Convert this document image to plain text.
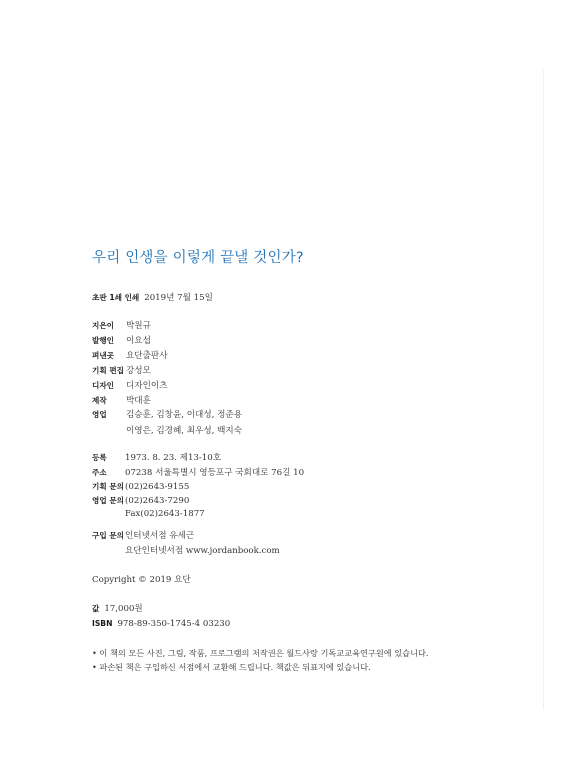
우리 인생을 이렇게 끝낼 것인가?
초판 1쇄 인쇄 2019년 7월 15일
지은이 박원규
발행인 이요섭
펴낸곳 요단출판사
기획 편집 강성모
디자인 디자인이츠
제작 박대훈
영업 김승훈, 김창윤, 이대성, 정준용
이영은, 김경혜, 최우성, 백지숙
등록 1973. 8. 23. 제13-10호
주소 07238 서울특별시 영등포구 국회대로 76길 10
기획 문의(02)2643-9155
영업 문의(02)2643-7290
Fax(02)2643-1877
구입 문의인터넷서점 유세근
요단인터넷서점 www.jordanbook.com
Copyright © 2019 요단
값 17,000원
ISBN 978-89-350-1745-4 03230
• 이 책의 모든 사진, 그림, 작품, 프로그램의 저작권은 월드사랑 기독교교육연구원에 있습니다.
• 파손된 책은 구입하신 서점에서 교환해 드립니다. 책값은 뒤표지에 있습니다.
